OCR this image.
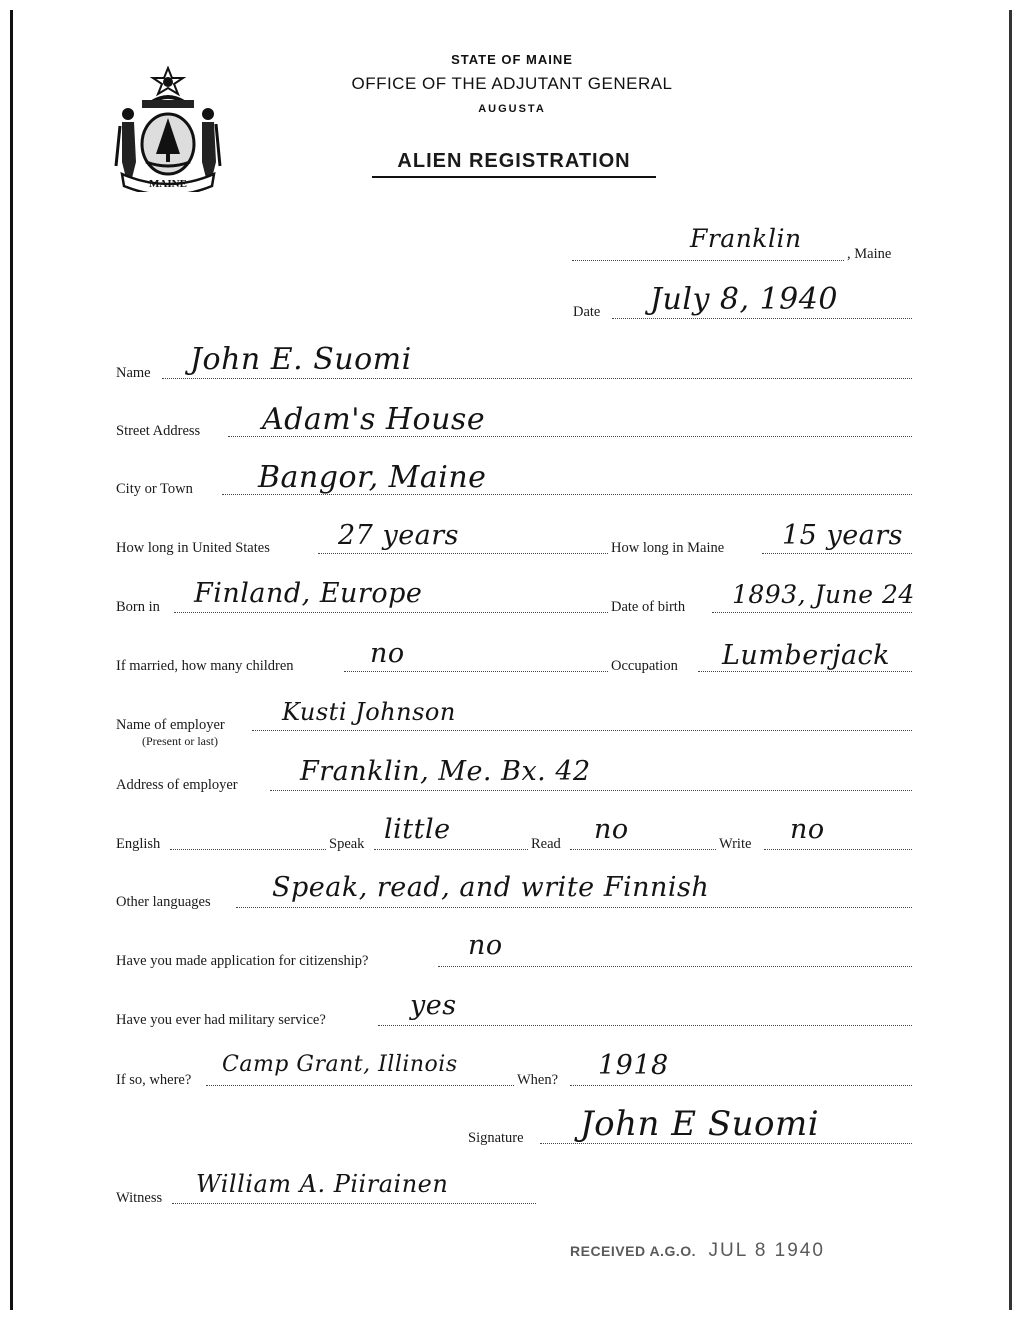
MAINE
STATE OF MAINE
OFFICE OF THE ADJUTANT GENERAL
AUGUSTA
ALIEN REGISTRATION
Franklin
, Maine
Date July 8, 1940
Name John E. Suomi
Street Address Adam's House
City or Town Bangor, Maine
How long in United States	27 years	How long in Maine 15 years
Born in Finland, Europe	Date of birth 1893, June 24
If married, how many children	no	Occupation Lumberjack
Name of employer
(Present or last)
Kusti Johnson
Address of employer Franklin, Me. Bx. 42
English	Speak little	Read no	Write no
Other languages Speak, read, and write Finnish
Have you made application for citizenship?	no
Have you ever had military service?	yes
If so, where?
Camp Grant, Illinois
When? 1918
Signature John E Suomi
Witness William A. Piirainen
RECEIVED A.G.O. JUL 8 1940
